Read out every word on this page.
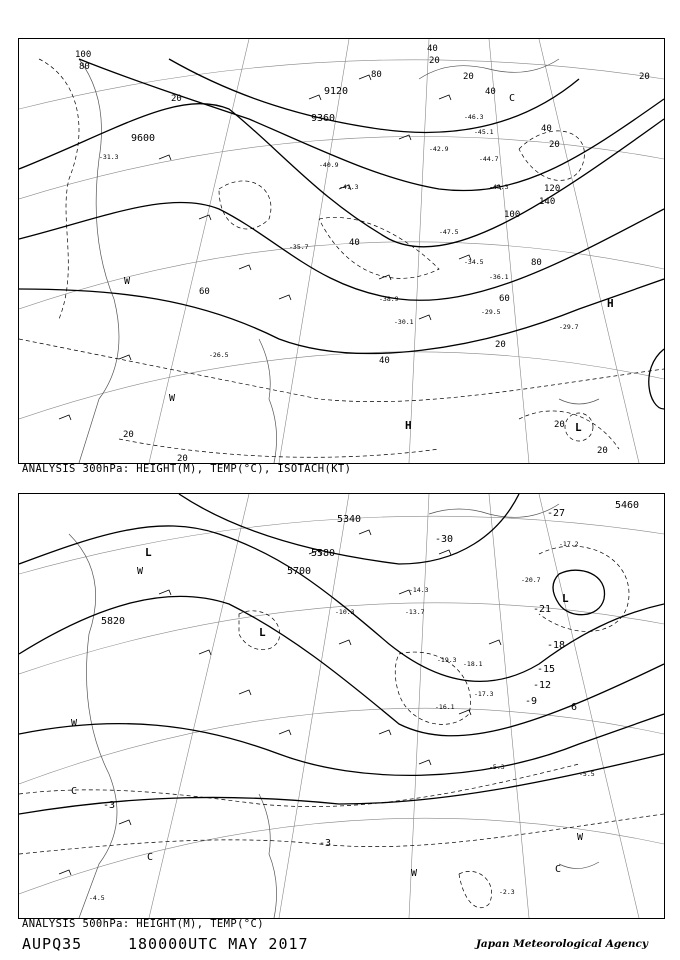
9600
9120
9360
20
40
60
80
100
120
140
60
80
40
20
40
20
20
20
100
80
40
20
20
40
20
20
20
-41.3
-40.9
-45.1
-44.7
-47.5
-46.3
-48.3
-38.9
-31.3
-30.1
-34.5
-29.5
-29.7
-26.5
-35.7
-42.9
-36.1
H
H	L
C
W
W
ANALYSIS 300hPa: HEIGHT(M), TEMP(°C), ISOTACH(KT)
5340
5580
5700
5820
5460
-3
-6
-9
-12
-15
-18
-21
-27
-30
-3
-20.7
-17.2
-13.7
-14.3
-19.3
-16.1
-18.1
-17.3
-5.3
-5.5
-2.3
-4.5
-10.3
L
L
L
C
C
C
W
W
W
W
ANALYSIS 500hPa: HEIGHT(M), TEMP(°C)
AUPQ35	180000UTC MAY 2017	Japan Meteorological Agency
